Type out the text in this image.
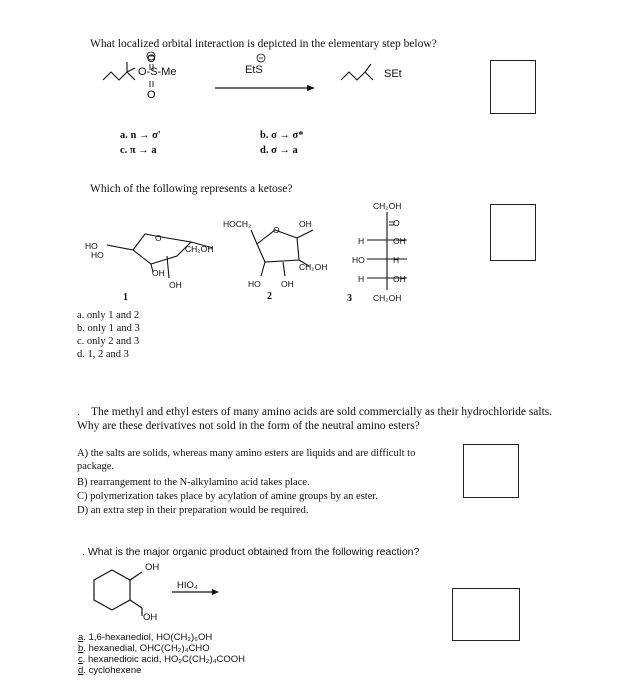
What localized orbital interaction is depicted in the elementary step below?
O
O
O-S-Me	EtS	SEt
a. n → σ'
c. π → a
b. σ → σ*
d. σ → a
Which of the following represents a ketose?
HO
HO
O
CH₂OH
OH
OH
1
HOCH₂
O
OH
CH₂OH
HO OH
2
CH₂OH
O
H	OH
HO	H
H	OH
CH₂OH
3
a. only 1 and 2
b. only 1 and 3
c. only 2 and 3
d. 1, 2 and 3
.The methyl and ethyl esters of many amino acids are sold commercially as their hydrochloride salts. Why are these derivatives not sold in the form of the neutral amino esters?
A) the salts are solids, whereas many amino esters are liquids and are difficult to package.
B) rearrangement to the N-alkylamino acid takes place.
C) polymerization takes place by acylation of amine groups by an ester.
D) an extra step in their preparation would be required.
. What is the major organic product obtained from the following reaction?
OH
OH
HIO₄
a. 1,6-hexanediol, HO(CH₂)₆OH
b. hexanedial, OHC(CH₂)₄CHO
c. hexanedioic acid, HO₂C(CH₂)₄COOH
d. cyclohexene
